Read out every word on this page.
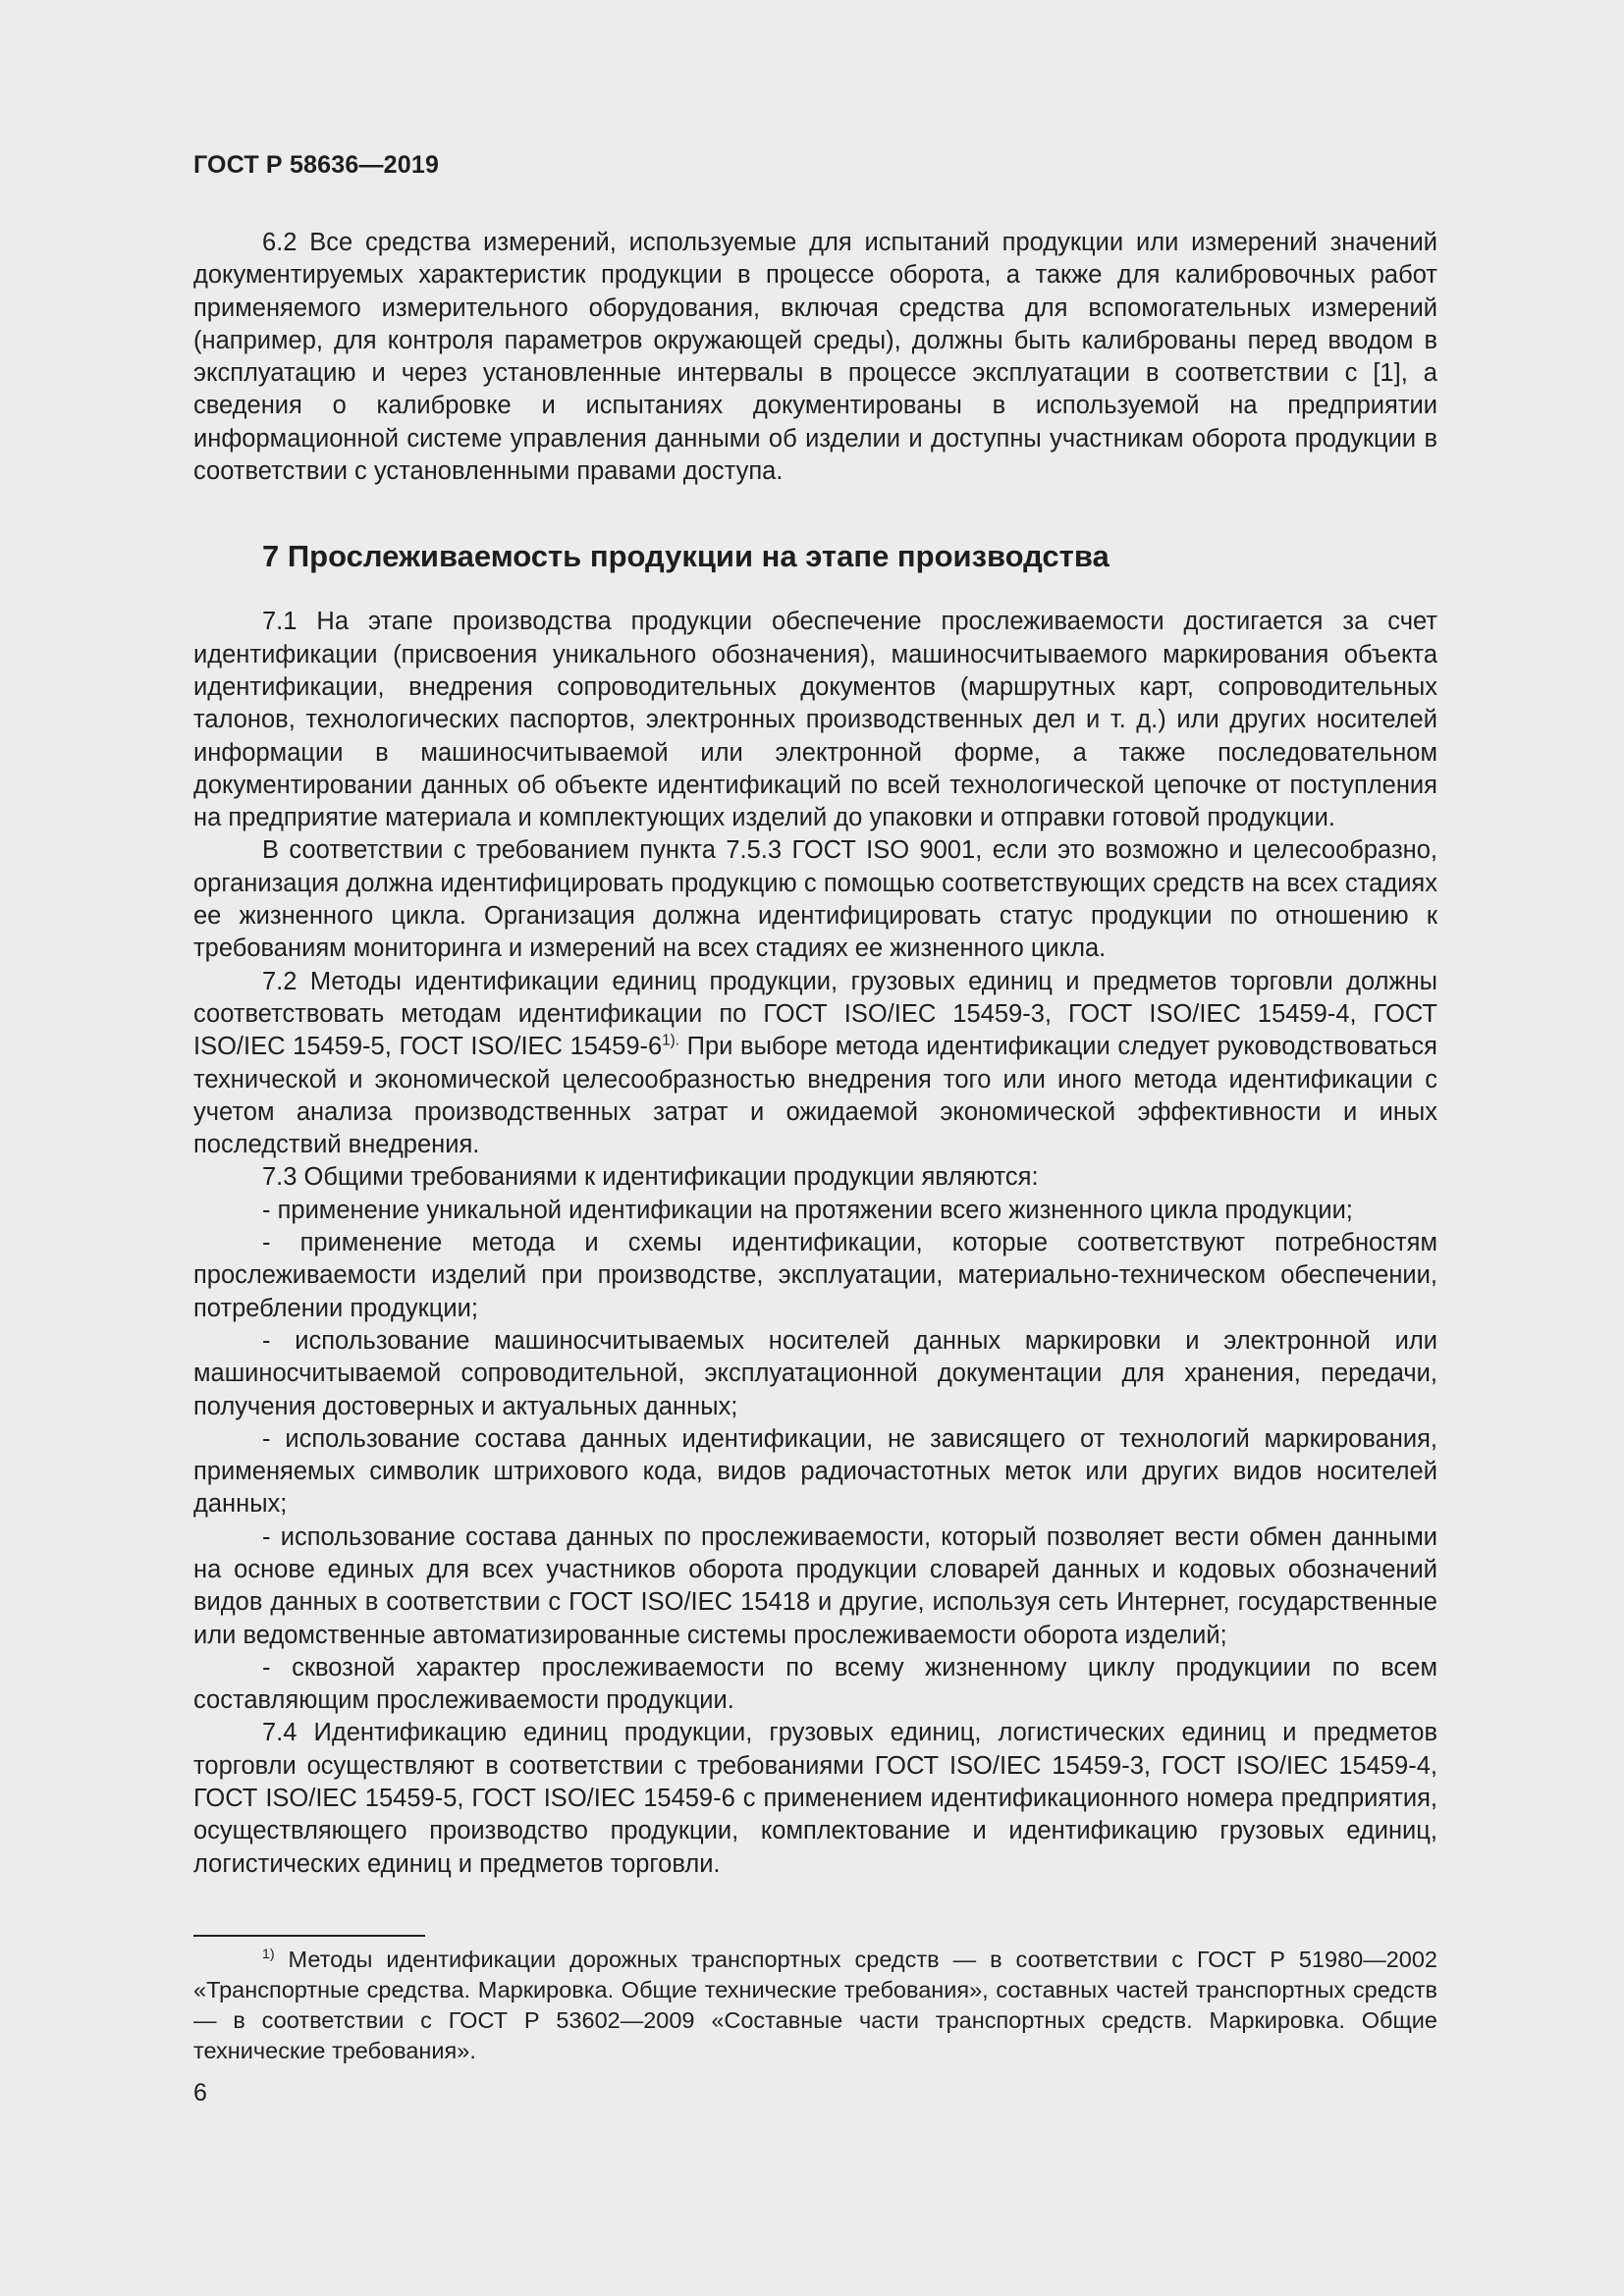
ГОСТ Р 58636—2019

6.2 Все средства измерений, используемые для испытаний продукции или измерений значений документируемых характеристик продукции в процессе оборота, а также для калибровочных работ применяемого измерительного оборудования, включая средства для вспомогательных измерений (например, для контроля параметров окружающей среды), должны быть калиброваны перед вводом в эксплуатацию и через установленные интервалы в процессе эксплуатации в соответствии с [1], а сведения о калибровке и испытаниях документированы в используемой на предприятии информационной системе управления данными об изделии и доступны участникам оборота продукции в соответствии с установленными правами доступа.

7 Прослеживаемость продукции на этапе производства

7.1 На этапе производства продукции обеспечение прослеживаемости достигается за счет идентификации (присвоения уникального обозначения), машиносчитываемого маркирования объекта идентификации, внедрения сопроводительных документов (маршрутных карт, сопроводительных талонов, технологических паспортов, электронных производственных дел и т. д.) или других носителей информации в машиносчитываемой или электронной форме, а также последовательном документировании данных об объекте идентификаций по всей технологической цепочке от поступления на предприятие материала и комплектующих изделий до упаковки и отправки готовой продукции.

В соответствии с требованием пункта 7.5.3 ГОСТ ISO 9001, если это возможно и целесообразно, организация должна идентифицировать продукцию с помощью соответствующих средств на всех стадиях ее жизненного цикла. Организация должна идентифицировать статус продукции по отношению к требованиям мониторинга и измерений на всех стадиях ее жизненного цикла.

7.2 Методы идентификации единиц продукции, грузовых единиц и предметов торговли должны соответствовать методам идентификации по ГОСТ ISO/IEC 15459-3, ГОСТ ISO/IEC 15459-4, ГОСТ ISO/IEC 15459-5, ГОСТ ISO/IEC $15459-6^{1).}$ При выборе метода идентификации следует руководствоваться технической и экономической целесообразностью внедрения того или иного метода идентификации с учетом анализа производственных затрат и ожидаемой экономической эффективности и иных последствий внедрения.

7.3 Общими требованиями к идентификации продукции являются:

- применение уникальной идентификации на протяжении всего жизненного цикла продукции;

- применение метода и схемы идентификации, которые соответствуют потребностям прослеживаемости изделий при производстве, эксплуатации, материально-техническом обеспечении, потреблении продукции;

- использование машиносчитываемых носителей данных маркировки и электронной или машиносчитываемой сопроводительной, эксплуатационной документации для хранения, передачи, получения достоверных и актуальных данных;

- использование состава данных идентификации, не зависящего от технологий маркирования, применяемых символик штрихового кода, видов радиочастотных меток или других видов носителей данных;

- использование состава данных по прослеживаемости, который позволяет вести обмен данными на основе единых для всех участников оборота продукции словарей данных и кодовых обозначений видов данных в соответствии с ГОСТ ISO/IEC 15418 и другие, используя сеть Интернет, государственные или ведомственные автоматизированные системы прослеживаемости оборота изделий;

- сквозной характер прослеживаемости по всему жизненному циклу продукциии по всем составляющим прослеживаемости продукции.

7.4 Идентификацию единиц продукции, грузовых единиц, логистических единиц и предметов торговли осуществляют в соответствии с требованиями ГОСТ ISO/IEC 15459-3, ГОСТ ISO/IEC 15459-4, ГОСТ ISO/IEC 15459-5, ГОСТ ISO/IEC 15459-6 с применением идентификационного номера предприятия, осуществляющего производство продукции, комплектование и идентификацию грузовых единиц, логистических единиц и предметов торговли.

$^{1)}$ Методы идентификации дорожных транспортных средств — в соответствии с ГОСТ Р 51980—2002 «Транспортные средства. Маркировка. Общие технические требования», составных частей транспортных средств — в соответствии с ГОСТ Р 53602—2009 «Составные части транспортных средств. Маркировка. Общие технические требования».

6
